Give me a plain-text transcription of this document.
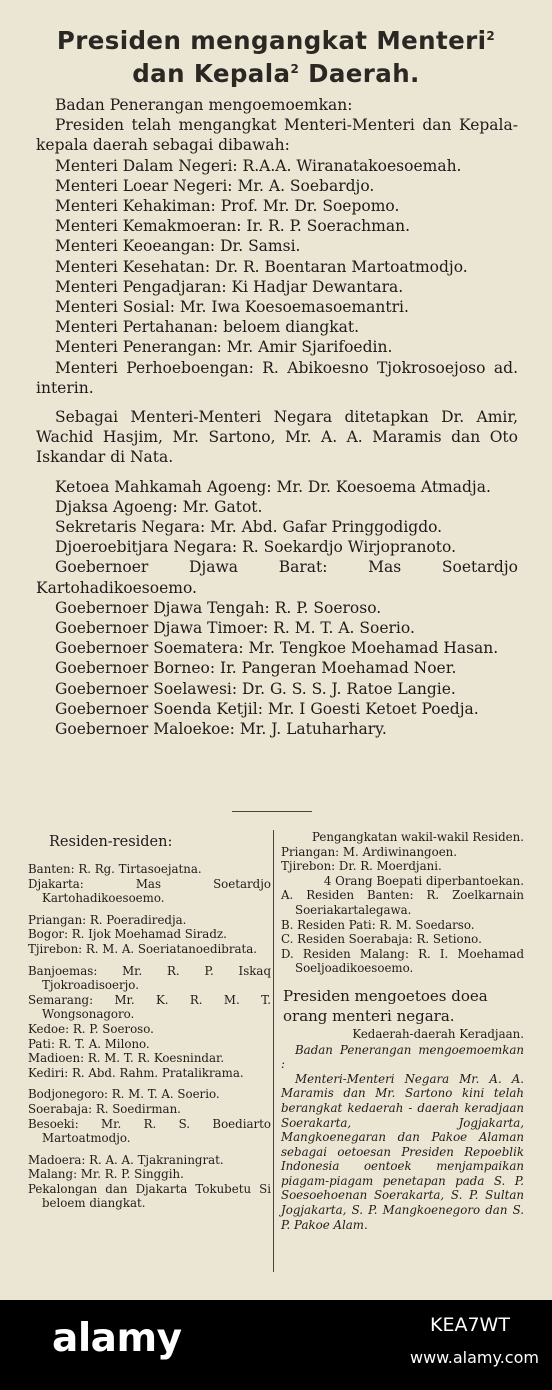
Presiden mengangkat Menteri$^2$
dan Kepala$^2$ Daerah.

Badan Penerangan mengoemoemkan:

Presiden telah mengangkat Menteri-Menteri dan Kepala-kepala daerah sebagai dibawah:

Menteri Dalam Negeri: R.A.A. Wiranatakoesoemah.

Menteri Loear Negeri: Mr. A. Soebardjo.

Menteri Kehakiman: Prof. Mr. Dr. Soepomo.

Menteri Kemakmoeran: Ir. R. P. Soerachman.

Menteri Keoeangan: Dr. Samsi.

Menteri Kesehatan: Dr. R. Boentaran Martoatmodjo.

Menteri Pengadjaran: Ki Hadjar Dewantara.

Menteri Sosial: Mr. Iwa Koesoemasoemantri.

Menteri Pertahanan: beloem diangkat.

Menteri Penerangan: Mr. Amir Sjarifoedin.

Menteri Perhoeboengan: R. Abikoesno Tjokrosoejoso ad. interin.

Sebagai Menteri-Menteri Negara ditetapkan Dr. Amir, Wachid Hasjim, Mr. Sartono, Mr. A. A. Maramis dan Oto Iskandar di Nata.

Ketoea Mahkamah Agoeng: Mr. Dr. Koesoema Atmadja.

Djaksa Agoeng: Mr. Gatot.

Sekretaris Negara: Mr. Abd. Gafar Pringgodigdo.

Djoeroebitjara Negara: R. Soekardjo Wirjopranoto.

Goebernoer Djawa Barat: Mas Soetardjo Kartohadikoesoemo.

Goebernoer Djawa Tengah: R. P. Soeroso.

Goebernoer Djawa Timoer: R. M. T. A. Soerio.

Goebernoer Soematera: Mr. Tengkoe Moehamad Hasan.

Goebernoer Borneo: Ir. Pangeran Moehamad Noer.

Goebernoer Soelawesi: Dr. G. S. S. J. Ratoe Langie.

Goebernoer Soenda Ketjil: Mr. I Goesti Ketoet Poedja.

Goebernoer Maloekoe: Mr. J. Latuharhary.

Residen-residen:
Banten: R. Rg. Tirtasoejatna.
Djakarta: Mas Soetardjo Kartohadikoesoemo.
Priangan: R. Poeradiredja.
Bogor: R. Ijok Moehamad Siradz.
Tjirebon: R. M. A. Soeriatanoedibrata.
Banjoemas: Mr. R. P. Iskaq Tjokroadisoerjo.
Semarang: Mr. K. R. M. T. Wongsonagoro.
Kedoe: R. P. Soeroso.
Pati: R. T. A. Milono.
Madioen: R. M. T. R. Koesnindar.
Kediri: R. Abd. Rahm. Pratalikrama.
Bodjonegoro: R. M. T. A. Soerio.
Soerabaja: R. Soedirman.
Besoeki: Mr. R. S. Boediarto Martoatmodjo.
Madoera: R. A. A. Tjakraningrat.
Malang: Mr. R. P. Singgih.
Pekalongan dan Djakarta Tokubetu Si beloem diangkat.
Pengangkatan wakil-wakil Residen.
Priangan: M. Ardiwinangoen.
Tjirebon: Dr. R. Moerdjani.
4 Orang Boepati diperbantoekan.
A. Residen Banten: R. Zoelkarnain Soeriakartalegawa.
B. Residen Pati: R. M. Soedarso.
C. Residen Soerabaja: R. Setiono.
D. Residen Malang: R. I. Moehamad Soeljoadikoesoemo.
Presiden mengoetoes doea orang menteri negara.
Kedaerah-daerah Keradjaan.
Badan Penerangan mengoemoemkan :
Menteri-Menteri Negara Mr. A. A. Maramis dan Mr. Sartono kini telah berangkat kedaerah - daerah keradjaan Soerakarta, Jogjakarta, Mangkoenegaran dan Pakoe Alaman sebagai oetoesan Presiden Repoeblik Indonesia oentoek menjampaikan piagam-piagam penetapan pada S. P. Soesoehoenan Soerakarta, S. P. Sultan Jogjakarta, S. P. Mangkoenegoro dan S. P. Pakoe Alam.
alamy	KEA7WT
www.alamy.com
